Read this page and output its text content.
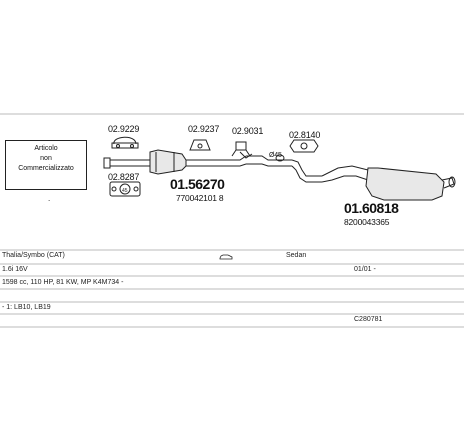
45
Articolo
non
Commercializzato
.
02.9229
02.8287
02.9237 02.9031	02.8140
Ø45
01.56270
770042101 8
01.60818
8200043365
Thalia/Symbo (CAT)	Sedan
1.6i 16V	01/01 -
1598 cc, 110 HP, 81 KW, MP K4M734 -
- 1: LB10, LB19
C280781
